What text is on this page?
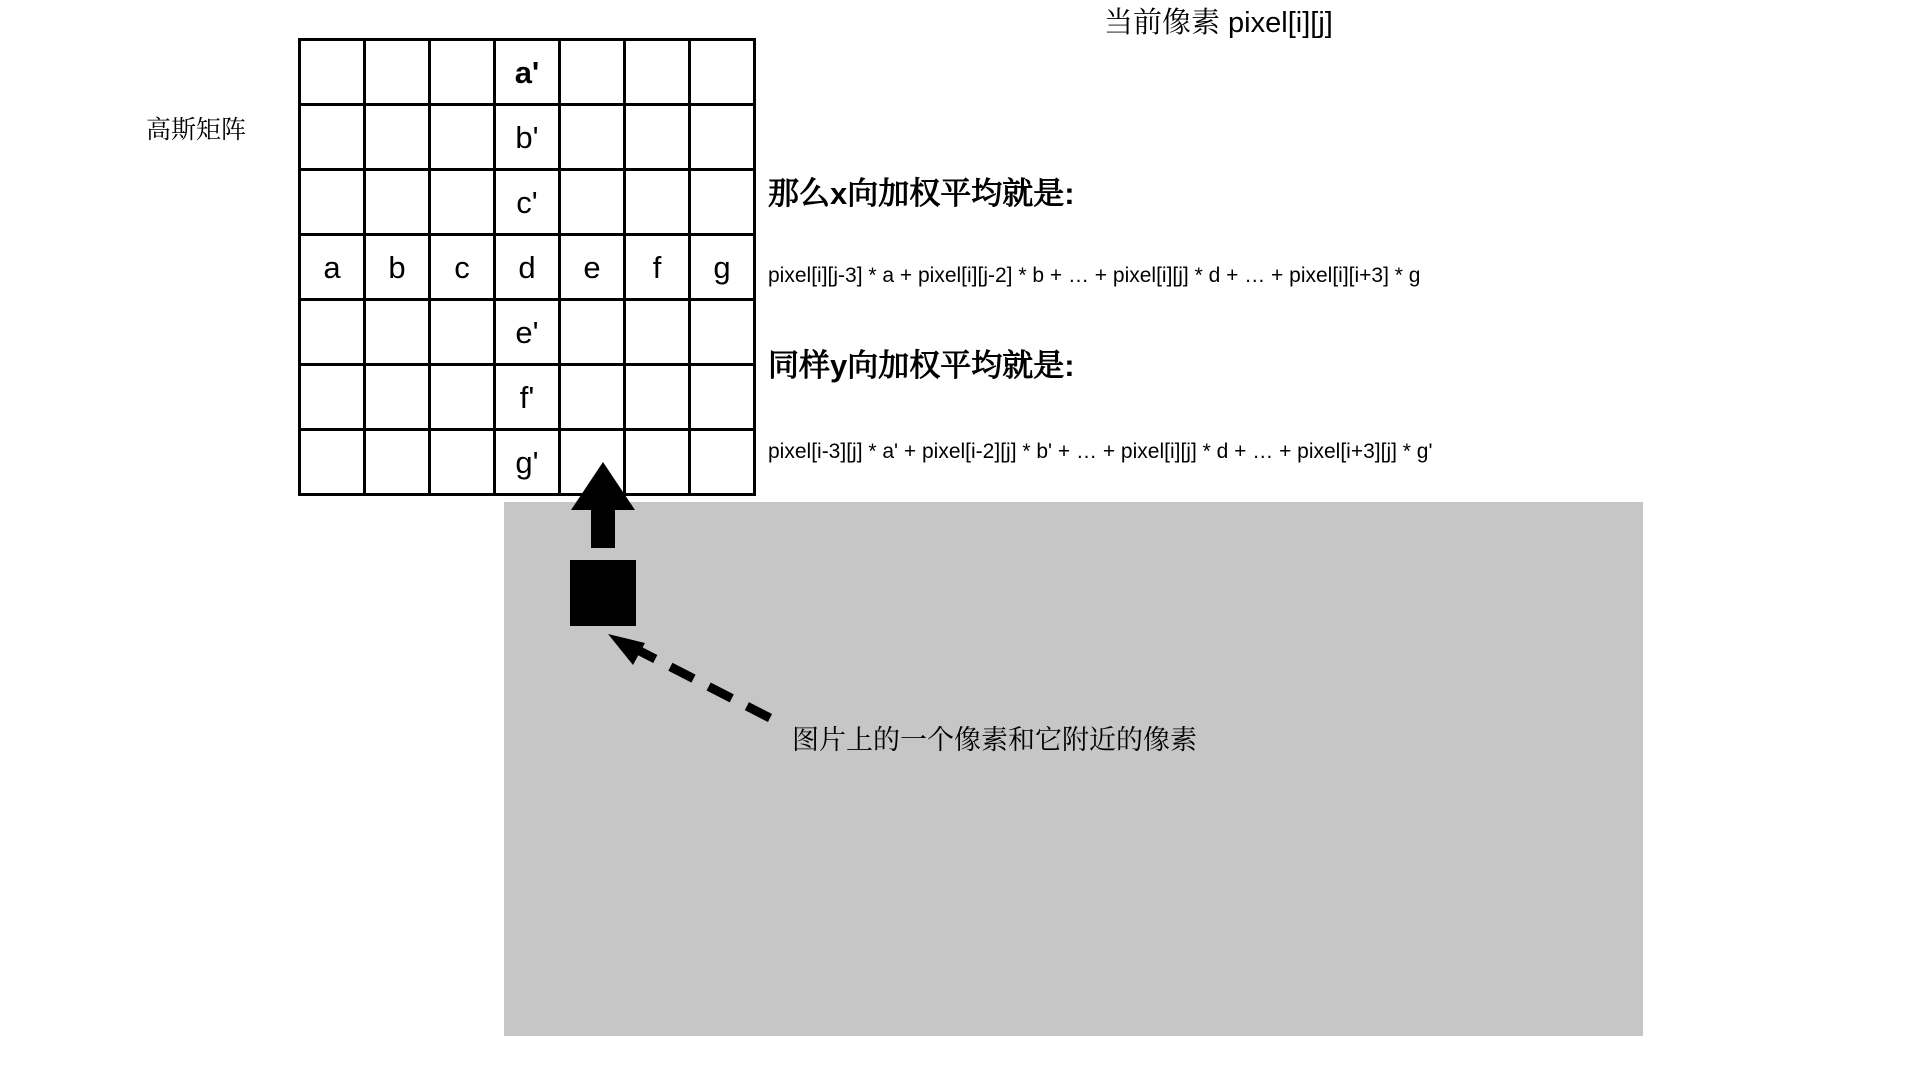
当前像素 pixel[i][j]
高斯矩阵
			a'			
			b'			
			c'			
a	b	c	d	e	f	g
			e'			
			f'			
			g'			
那么x向加权平均就是:
pixel[i][j-3] * a + pixel[i][j-2] * b + … + pixel[i][j] * d + … + pixel[i][i+3] * g
同样y向加权平均就是:
pixel[i-3][j] * a' + pixel[i-2][j] * b' + … + pixel[i][j] * d + … + pixel[i+3][j] * g'
图片上的一个像素和它附近的像素
